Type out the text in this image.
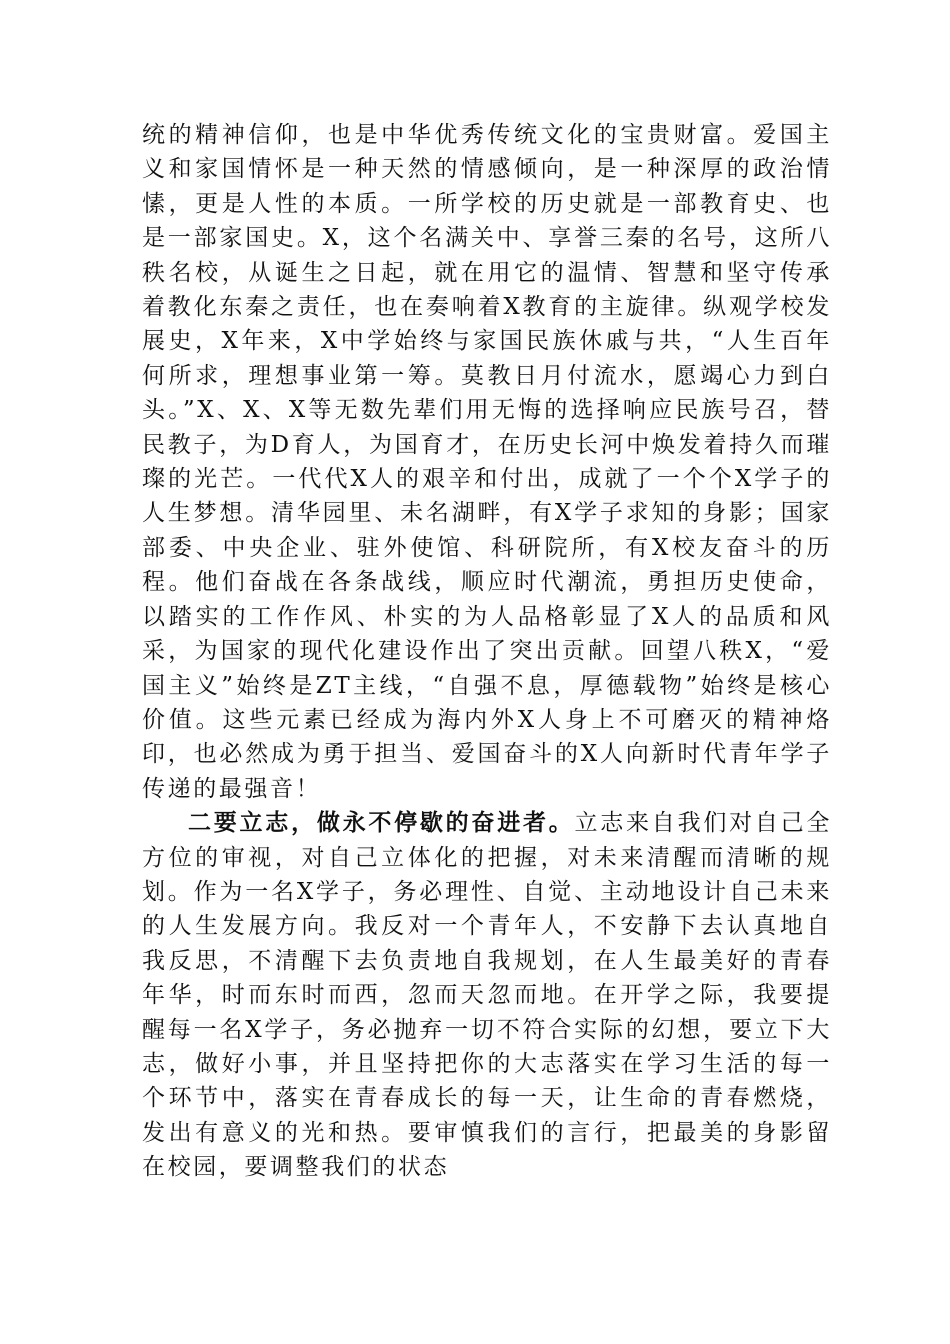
统的精神信仰，也是中华优秀传统文化的宝贵财富。爱国主义和家国情怀是一种天然的情感倾向，是一种深厚的政治情愫，更是人性的本质。一所学校的历史就是一部教育史、也是一部家国史。X，这个名满关中、享誉三秦的名号，这所八秩名校，从诞生之日起，就在用它的温情、智慧和坚守传承着教化东秦之责任，也在奏响着X教育的主旋律。纵观学校发展史，X年来，X中学始终与家国民族休戚与共，“人生百年何所求，理想事业第一筹。莫教日月付流水，愿竭心力到白头。”X、X、X等无数先辈们用无悔的选择响应民族号召，替民教子，为D育人，为国育才，在历史长河中焕发着持久而璀璨的光芒。一代代X人的艰辛和付出，成就了一个个X学子的人生梦想。清华园里、未名湖畔，有X学子求知的身影；国家部委、中央企业、驻外使馆、科研院所，有X校友奋斗的历程。他们奋战在各条战线，顺应时代潮流，勇担历史使命，以踏实的工作作风、朴实的为人品格彰显了X人的品质和风采，为国家的现代化建设作出了突出贡献。回望八秩X，“爱国主义”始终是ZT主线，“自强不息，厚德载物”始终是核心价值。这些元素已经成为海内外X人身上不可磨灭的精神烙印，也必然成为勇于担当、爱国奋斗的X人向新时代青年学子传递的最强音！

二要立志，做永不停歇的奋进者。立志来自我们对自己全方位的审视，对自己立体化的把握，对未来清醒而清晰的规划。作为一名X学子，务必理性、自觉、主动地设计自己未来的人生发展方向。我反对一个青年人，不安静下去认真地自我反思，不清醒下去负责地自我规划，在人生最美好的青春年华，时而东时而西，忽而天忽而地。在开学之际，我要提醒每一名X学子，务必抛弃一切不符合实际的幻想，要立下大志，做好小事，并且坚持把你的大志落实在学习生活的每一个环节中，落实在青春成长的每一天，让生命的青春燃烧，发出有意义的光和热。要审慎我们的言行，把最美的身影留在校园，要调整我们的状态
